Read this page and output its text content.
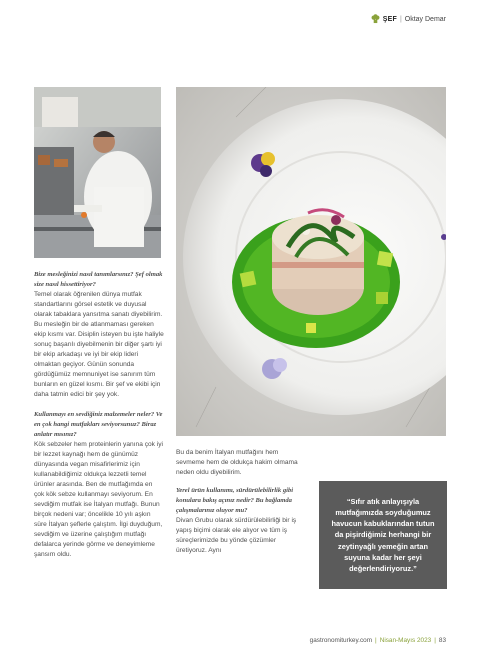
ŞEF | Oktay Demar

Bize mesleğinizi nasıl tanımlarsınız? Şef olmak size nasıl hissettiriyor?

Temel olarak öğrenilen dünya mutfak standartlarını görsel estetik ve duyusal olarak tabaklara yansıtma sanatı diyebilirim. Bu mesleğin bir de atlanmaması gereken ekip kısmı var. Disiplin isteyen bu işte haliyle sonuç başarılı diyebilmenin bir diğer şartı iyi bir ekip arkadaşı ve iyi bir ekip lideri olmaktan geçiyor. Günün sonunda gördüğümüz memnuniyet ise sanırım tüm bunların en güzel kısmı. Bir şef ve ekibi için daha tatmin edici bir şey yok.

Kullanmayı en sevdiğiniz malzemeler neler? Ve en çok hangi mutfakları seviyorsunuz? Biraz anlatır mısınız?

Kök sebzeler hem proteinlerin yanına çok iyi bir lezzet kaynağı hem de günümüz dünyasında vegan misafirlerimiz için kullanabildiğimiz oldukça lezzetli temel ürünler arasında. Ben de mutfağımda en çok kök sebze kullanmayı seviyorum. En sevdiğim mutfak ise İtalyan mutfağı. Bunun birçok nedeni var; öncelikle 10 yılı aşkın süre İtalyan şeflerle çalıştım. İlgi duyduğum, sevdiğim ve üzerine çalıştığım mutfağı defalarca yerinde görme ve deneyimleme şansım oldu.

Bu da benim İtalyan mutfağını hem sevmeme hem de oldukça hakim olmama neden oldu diyebilirim.

Yerel ürün kullanımı, sürdürülebilirlik gibi konulara bakış açınız nedir? Bu bağlamda çalışmalarınız oluyor mu?

Divan Grubu olarak sürdürülebilirliği bir iş yapış biçimi olarak ele alıyor ve tüm iş süreçlerimizde bu yönde çözümler üretiyoruz. Aynı

“Sıfır atık anlayışıyla mutfağımızda soyduğumuz havucun kabuklarından tutun da pişirdiğimiz herhangi bir zeytinyağlı yemeğin artan suyuna kadar her şeyi değerlendiriyoruz.”

gastronomiturkey.com | Nisan-Mayıs 2023 | 83
